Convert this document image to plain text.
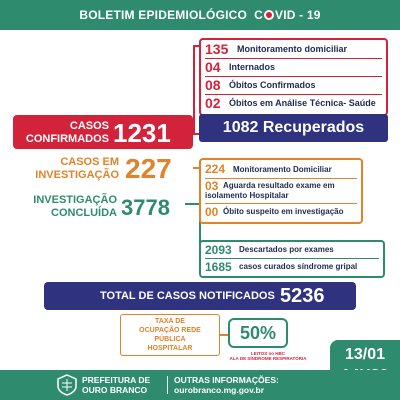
BOLETIM EPIDEMIOLÓGICO C VID - 19
CASOS
CONFIRMADOS 1231
CASOS EM
INVESTIGAÇÃO 227
INVESTIGAÇÃO
CONCLUÍDA 3778
135 Monitoramento domiciliar
04 Internados
08 Óbitos Confirmados
02 Óbitos em Análise Técnica- Saúde
1082 Recuperados
224 Monitoramento Domiciliar
03 Aguarda resultado exame em
isolamento Hospitalar
00 Óbito suspeito em investigação
2093 Descartados por exames
1685 casos curados síndrome gripal
TOTAL DE CASOS NOTIFICADOS 5236
TAXA DE
OCUPAÇÃO REDE
PÚBLICA
HOSPITALAR
50%
LEITOS no HBC
ALA DE SÍNDROME RESPIRATÓRIA	13/01
PREFEITURA DE
OURO BRANCO
OUTRAS INFORMAÇÕES:
ourobranco.mg.gov.br
